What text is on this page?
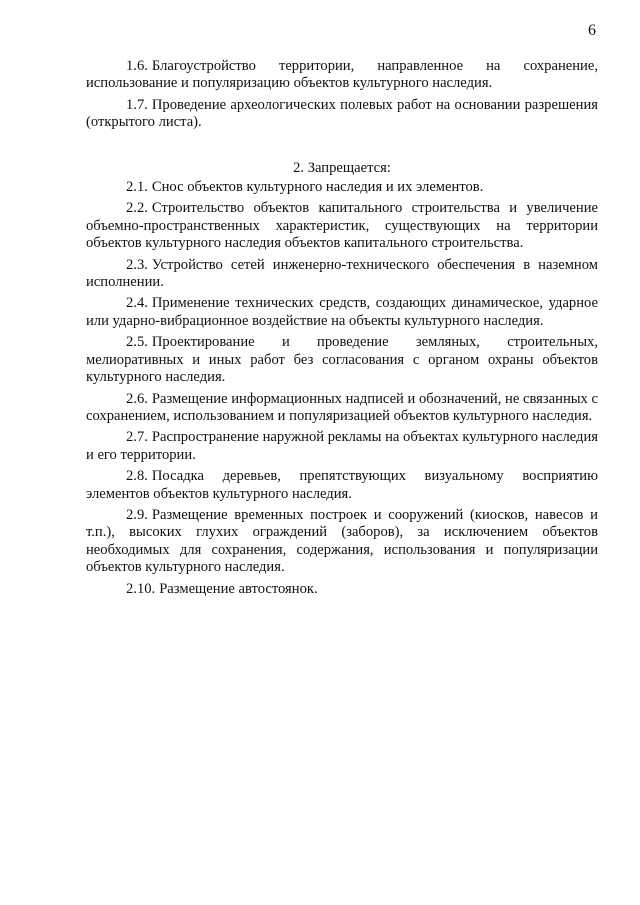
6

1.6. Благоустройство территории, направленное на сохранение, использование и популяризацию объектов культурного наследия.

1.7. Проведение археологических полевых работ на основании разрешения (открытого листа).

2. Запрещается:

2.1. Снос объектов культурного наследия и их элементов.

2.2. Строительство объектов капитального строительства и увеличение объемно-пространственных характеристик, существующих на территории объектов культурного наследия объектов капитального строительства.

2.3. Устройство сетей инженерно-технического обеспечения в наземном исполнении.

2.4. Применение технических средств, создающих динамическое, ударное или ударно-вибрационное воздействие на объекты культурного наследия.

2.5. Проектирование и проведение земляных, строительных, мелиоративных и иных работ без согласования с органом охраны объектов культурного наследия.

2.6. Размещение информационных надписей и обозначений, не связанных с сохранением, использованием и популяризацией объектов культурного наследия.

2.7. Распространение наружной рекламы на объектах культурного наследия и его территории.

2.8. Посадка деревьев, препятствующих визуальному восприятию элементов объектов культурного наследия.

2.9. Размещение временных построек и сооружений (киосков, навесов и т.п.), высоких глухих ограждений (заборов), за исключением объектов необходимых для сохранения, содержания, использования и популяризации объектов культурного наследия.

2.10. Размещение автостоянок.
